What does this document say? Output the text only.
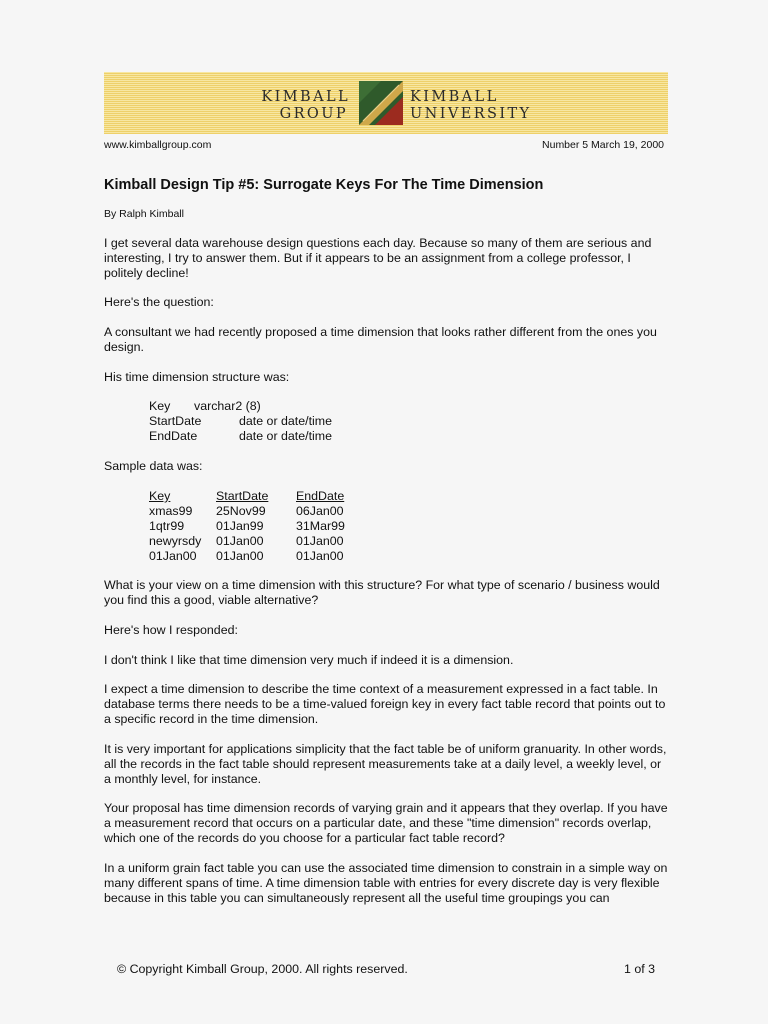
KIMBALL
GROUP
KIMBALL
UNIVERSITY
www.kimballgroup.com	Number 5 March 19, 2000
Kimball Design Tip #5: Surrogate Keys For The Time Dimension
By Ralph Kimball

I get several data warehouse design questions each day. Because so many of them are serious and interesting, I try to answer them. But if it appears to be an assignment from a college professor, I politely decline!

Here's the question:

A consultant we had recently proposed a time dimension that looks rather different from the ones you design.

His time dimension structure was:

Key varchar2 (8)
StartDate	date or date/time
EndDate	date or date/time

Sample data was:

Key	StartDate EndDate
xmas99 25Nov99 06Jan00
1qtr99	01Jan99	31Mar99
newyrsdy 01Jan00	01Jan00
01Jan00 01Jan00	01Jan00

What is your view on a time dimension with this structure? For what type of scenario / business would you find this a good, viable alternative?

Here's how I responded:

I don't think I like that time dimension very much if indeed it is a dimension.

I expect a time dimension to describe the time context of a measurement expressed in a fact table. In database terms there needs to be a time-valued foreign key in every fact table record that points out to a specific record in the time dimension.

It is very important for applications simplicity that the fact table be of uniform granuarity. In other words, all the records in the fact table should represent measurements take at a daily level, a weekly level, or a monthly level, for instance.

Your proposal has time dimension records of varying grain and it appears that they overlap. If you have a measurement record that occurs on a particular date, and these "time dimension" records overlap, which one of the records do you choose for a particular fact table record?

In a uniform grain fact table you can use the associated time dimension to constrain in a simple way on many different spans of time. A time dimension table with entries for every discrete day is very flexible because in this table you can simultaneously represent all the useful time groupings you can

© Copyright Kimball Group, 2000. All rights reserved.	1 of 3
